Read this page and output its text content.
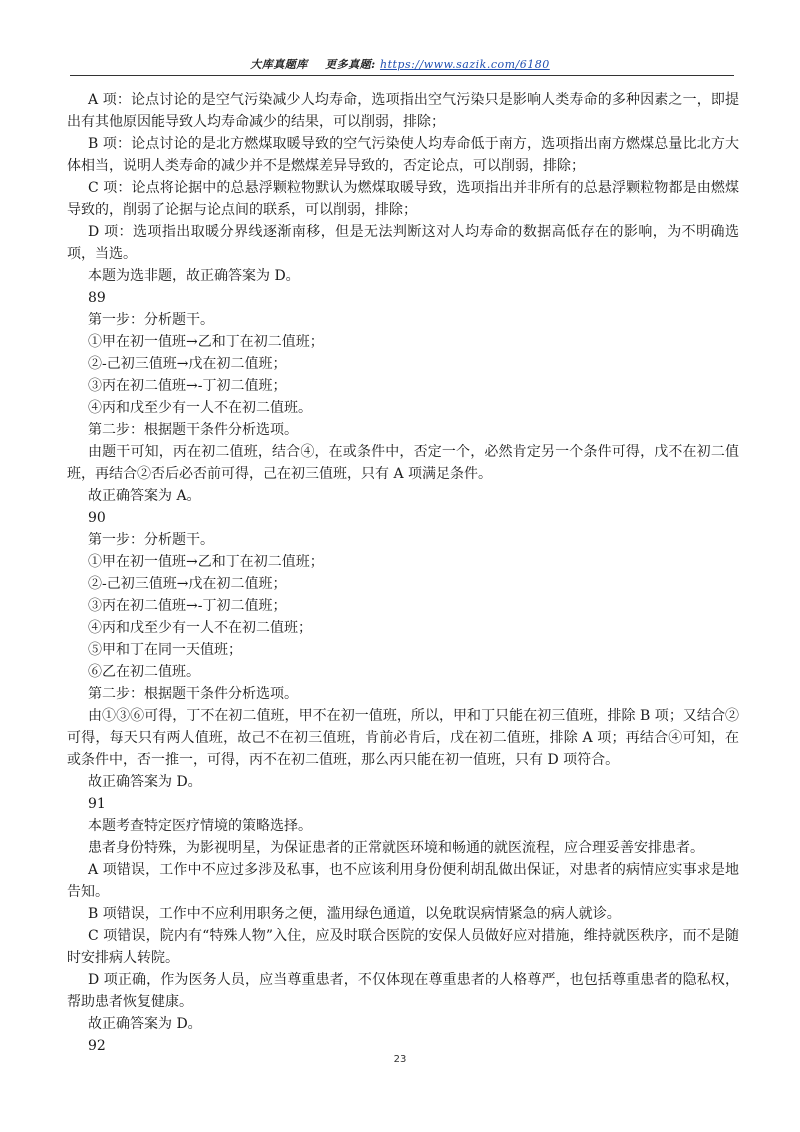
大库真题库 更多真题: https://www.sazik.com/6180

A 项：论点讨论的是空气污染减少人均寿命，选项指出空气污染只是影响人类寿命的多种因素之一，即提出有其他原因能导致人均寿命减少的结果，可以削弱，排除；

B 项：论点讨论的是北方燃煤取暖导致的空气污染使人均寿命低于南方，选项指出南方燃煤总量比北方大体相当，说明人类寿命的减少并不是燃煤差异导致的，否定论点，可以削弱，排除；

C 项：论点将论据中的总悬浮颗粒物默认为燃煤取暖导致，选项指出并非所有的总悬浮颗粒物都是由燃煤导致的，削弱了论据与论点间的联系，可以削弱，排除；

D 项：选项指出取暖分界线逐渐南移，但是无法判断这对人均寿命的数据高低存在的影响，为不明确选项，当选。

本题为选非题，故正确答案为 D。

89

第一步：分析题干。

①甲在初一值班→乙和丁在初二值班；

②-己初三值班→戊在初二值班；

③丙在初二值班→-丁初二值班；

④丙和戊至少有一人不在初二值班。

第二步：根据题干条件分析选项。

由题干可知，丙在初二值班，结合④，在或条件中，否定一个，必然肯定另一个条件可得，戊不在初二值班，再结合②否后必否前可得，己在初三值班，只有 A 项满足条件。

故正确答案为 A。

90

第一步：分析题干。

①甲在初一值班→乙和丁在初二值班；

②-己初三值班→戊在初二值班；

③丙在初二值班→-丁初二值班；

④丙和戊至少有一人不在初二值班；

⑤甲和丁在同一天值班；

⑥乙在初二值班。

第二步：根据题干条件分析选项。

由①③⑥可得，丁不在初二值班，甲不在初一值班，所以，甲和丁只能在初三值班，排除 B 项；又结合②可得，每天只有两人值班，故己不在初三值班，肯前必肯后，戊在初二值班，排除 A 项；再结合④可知，在或条件中，否一推一，可得，丙不在初二值班，那么丙只能在初一值班，只有 D 项符合。

故正确答案为 D。

91

本题考查特定医疗情境的策略选择。

患者身份特殊，为影视明星，为保证患者的正常就医环境和畅通的就医流程，应合理妥善安排患者。

A 项错误，工作中不应过多涉及私事，也不应该利用身份便利胡乱做出保证，对患者的病情应实事求是地告知。

B 项错误，工作中不应利用职务之便，滥用绿色通道，以免耽误病情紧急的病人就诊。

C 项错误，院内有“特殊人物”入住，应及时联合医院的安保人员做好应对措施，维持就医秩序，而不是随时安排病人转院。

D 项正确，作为医务人员，应当尊重患者，不仅体现在尊重患者的人格尊严，也包括尊重患者的隐私权，帮助患者恢复健康。

故正确答案为 D。

92

23
